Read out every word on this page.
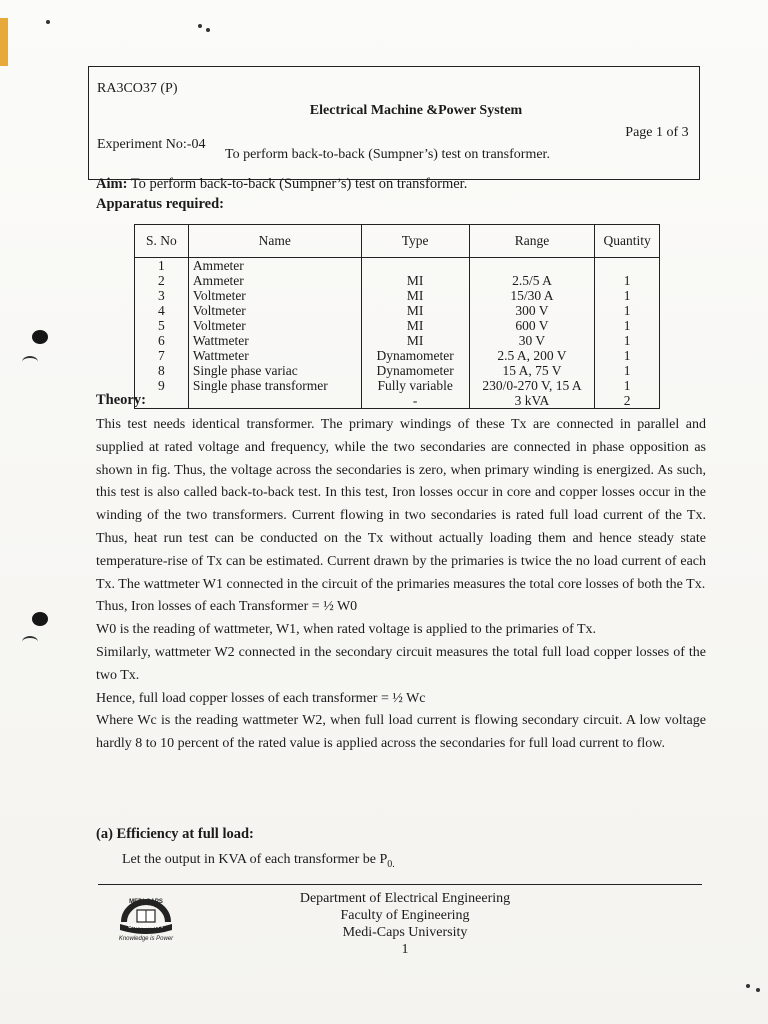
RA3CO37 (P)
Electrical Machine &Power System
Experiment No:-04
To perform back-to-back (Sumpner’s) test on transformer.
Page 1 of 3
Aim: To perform back-to-back (Sumpner’s) test on transformer.
Apparatus required:
S. No	Name	Type	Range	Quantity
1	Ammeter			
2	Ammeter	MI	2.5/5 A	1
3	Voltmeter	MI	15/30 A	1
4	Voltmeter	MI	300 V	1
5	Voltmeter	MI	600 V	1
6	Wattmeter	MI	30 V	1
7	Wattmeter	Dynamometer	2.5 A, 200 V	1
8	Single phase variac	Dynamometer	15 A, 75 V	1
9	Single phase transformer	Fully variable	230/0-270 V, 15 A	1
		-	3 kVA	2
Theory:

This test needs identical transformer. The primary windings of these Tx are connected in parallel and supplied at rated voltage and frequency, while the two secondaries are connected in phase opposition as shown in fig. Thus, the voltage across the secondaries is zero, when primary winding is energized. As such, this test is also called back-to-back test. In this test, Iron losses occur in core and copper losses occur in the winding of the two transformers. Current flowing in two secondaries is rated full load current of the Tx. Thus, heat run test can be conducted on the Tx without actually loading them and hence steady state temperature-rise of Tx can be estimated. Current drawn by the primaries is twice the no load current of each Tx. The wattmeter W1 connected in the circuit of the primaries measures the total core losses of both the Tx.

Thus, Iron losses of each Transformer = ½ W0

W0 is the reading of wattmeter, W1, when rated voltage is applied to the primaries of Tx.

Similarly, wattmeter W2 connected in the secondary circuit measures the total full load copper losses of the two Tx.

Hence, full load copper losses of each transformer = ½ Wc

Where Wc is the reading wattmeter W2, when full load current is flowing secondary circuit. A low voltage hardly 8 to 10 percent of the rated value is applied across the secondaries for full load current to flow.

(a) Efficiency at full load:
Let the output in KVA of each transformer be $P_{0.}$
MEDI-CAPS
UNIVERSITY
Knowledge is Power
Department of Electrical Engineering
Faculty of Engineering
Medi-Caps University
1
